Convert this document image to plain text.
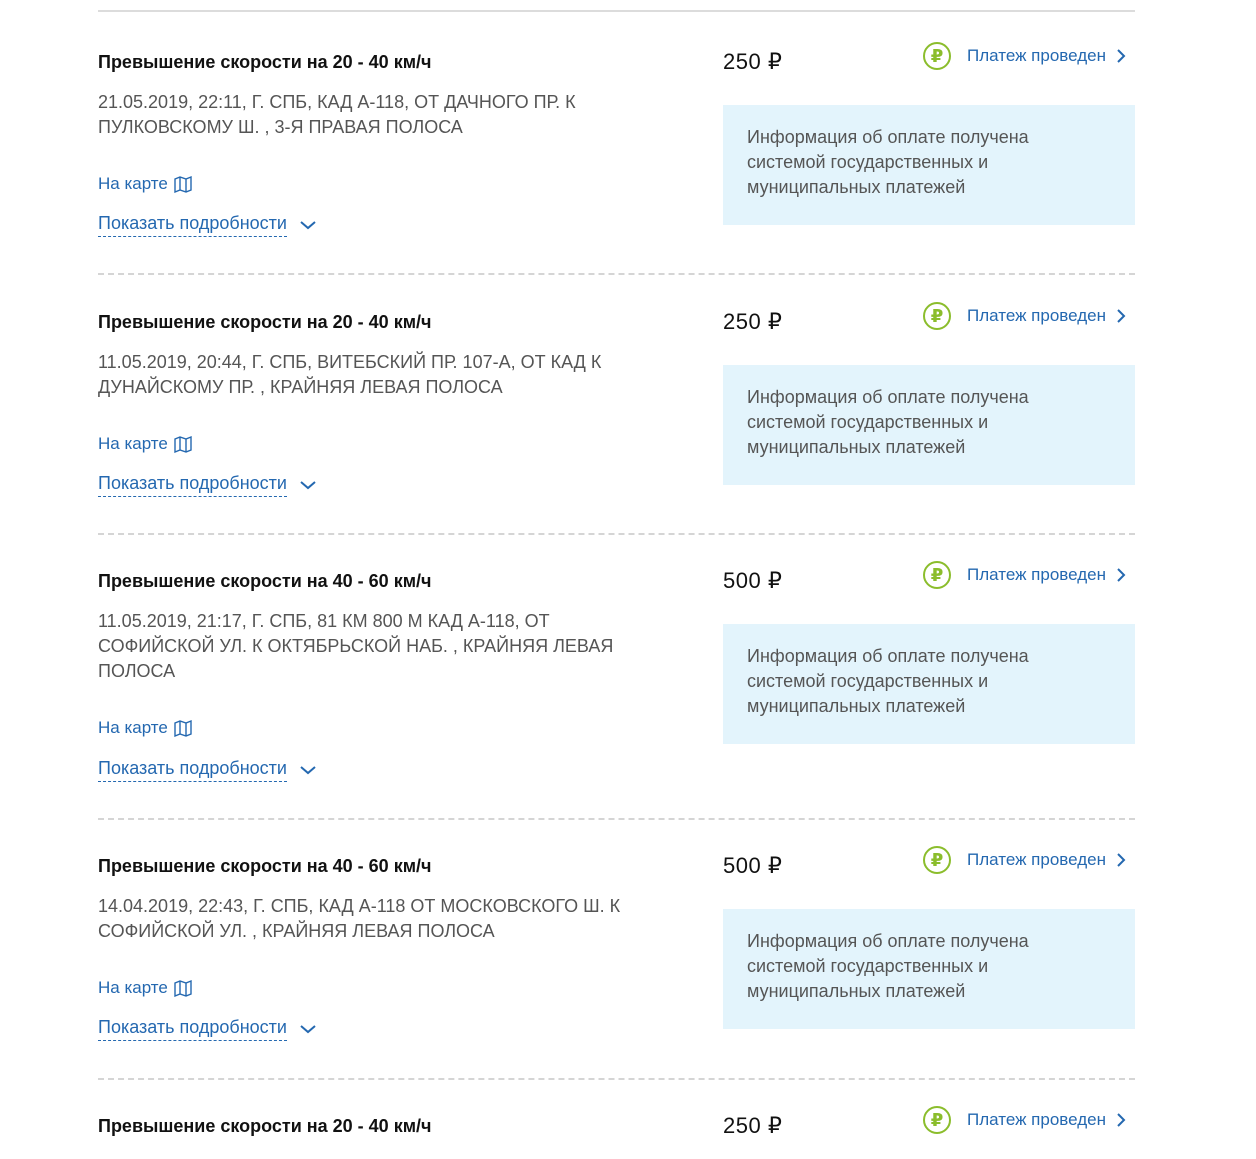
Превышение скорости на 20 - 40 км/ч	250 ₽	₽	Платеж проведен
21.05.2019, 22:11, Г. СПБ, КАД А-118, ОТ ДАЧНОГО ПР. К ПУЛКОВСКОМУ Ш. , 3-Я ПРАВАЯ ПОЛОСА
На карте
Показать подробности
Информация об оплате получена системой государственных и муниципальных платежей
Превышение скорости на 20 - 40 км/ч	250 ₽	₽	Платеж проведен
11.05.2019, 20:44, Г. СПБ, ВИТЕБСКИЙ ПР. 107-А, ОТ КАД К ДУНАЙСКОМУ ПР. , КРАЙНЯЯ ЛЕВАЯ ПОЛОСА
На карте
Показать подробности
Информация об оплате получена системой государственных и муниципальных платежей
Превышение скорости на 40 - 60 км/ч	500 ₽	₽	Платеж проведен
11.05.2019, 21:17, Г. СПБ, 81 КМ 800 М КАД А-118, ОТ СОФИЙСКОЙ УЛ. К ОКТЯБРЬСКОЙ НАБ. , КРАЙНЯЯ ЛЕВАЯ ПОЛОСА
На карте
Показать подробности
Информация об оплате получена системой государственных и муниципальных платежей
Превышение скорости на 40 - 60 км/ч	500 ₽	₽	Платеж проведен
14.04.2019, 22:43, Г. СПБ, КАД А-118 ОТ МОСКОВСКОГО Ш. К СОФИЙСКОЙ УЛ. , КРАЙНЯЯ ЛЕВАЯ ПОЛОСА
На карте
Показать подробности
Информация об оплате получена системой государственных и муниципальных платежей
Превышение скорости на 20 - 40 км/ч	250 ₽	₽	Платеж проведен
